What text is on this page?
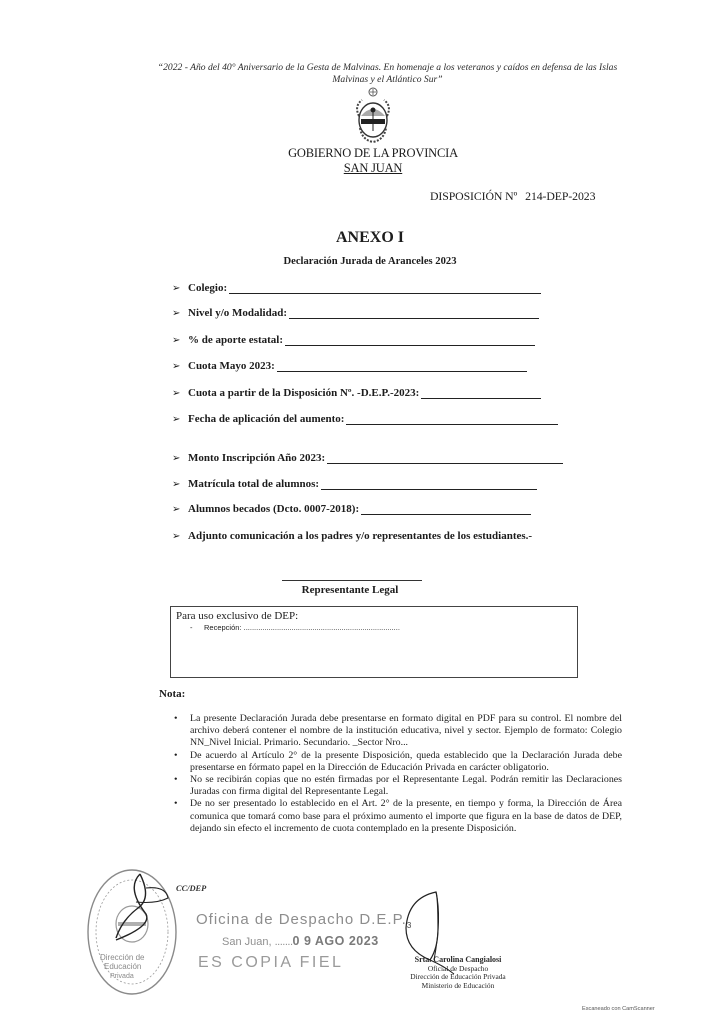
“2022 - Año del 40° Aniversario de la Gesta de Malvinas. En homenaje a los veteranos y caídos en defensa de las Islas Malvinas y el Atlántico Sur”
GOBIERNO DE LA PROVINCIA
SAN JUAN
DISPOSICIÓN Nº 214-DEP-2023
ANEXO I
Declaración Jurada de Aranceles 2023
➢ Colegio:
➢ Nivel y/o Modalidad:
➢ % de aporte estatal:
➢ Cuota Mayo 2023:
➢ Cuota a partir de la Disposición Nº. -D.E.P.-2023:
➢ Fecha de aplicación del aumento:
➢ Monto Inscripción Año 2023:
➢ Matrícula total de alumnos:
➢ Alumnos becados (Dcto. 0007-2018):
➢ Adjunto comunicación a los padres y/o representantes de los estudiantes.-
Representante Legal
Para uso exclusivo de DEP:
- Recepción: ...........................................................................
Nota:
• La presente Declaración Jurada debe presentarse en formato digital en PDF para su control. El nombre del archivo deberá contener el nombre de la institución educativa, nivel y sector. Ejemplo de formato: Colegio NN_Nivel Inicial. Primario. Secundario. _Sector Nro...
• De acuerdo al Artículo 2° de la presente Disposición, queda establecido que la Declaración Jurada debe presentarse en fórmato papel en la Dirección de Educación Privada en carácter obligatorio.
• No se recibirán copias que no estén firmadas por el Representante Legal. Podrán remitir las Declaraciones Juradas con firma digital del Representante Legal.
• De no ser presentado lo establecido en el Art. 2° de la presente, en tiempo y forma, la Dirección de Área comunica que tomará como base para el próximo aumento el importe que figura en la base de datos de DEP, dejando sin efecto el incremento de cuota contemplado en la presente Disposición.
Dirección de
Educación
Privada
CC/DEP
Oficina de Despacho $D.E.P._3$
San Juan, .......0 9 AGO 2023
ES COPIA FIEL	Srta. Carolina Cangialosi
Oficial de Despacho
Dirección de Educación Privada
Ministerio de Educación
Escaneado con CamScanner
